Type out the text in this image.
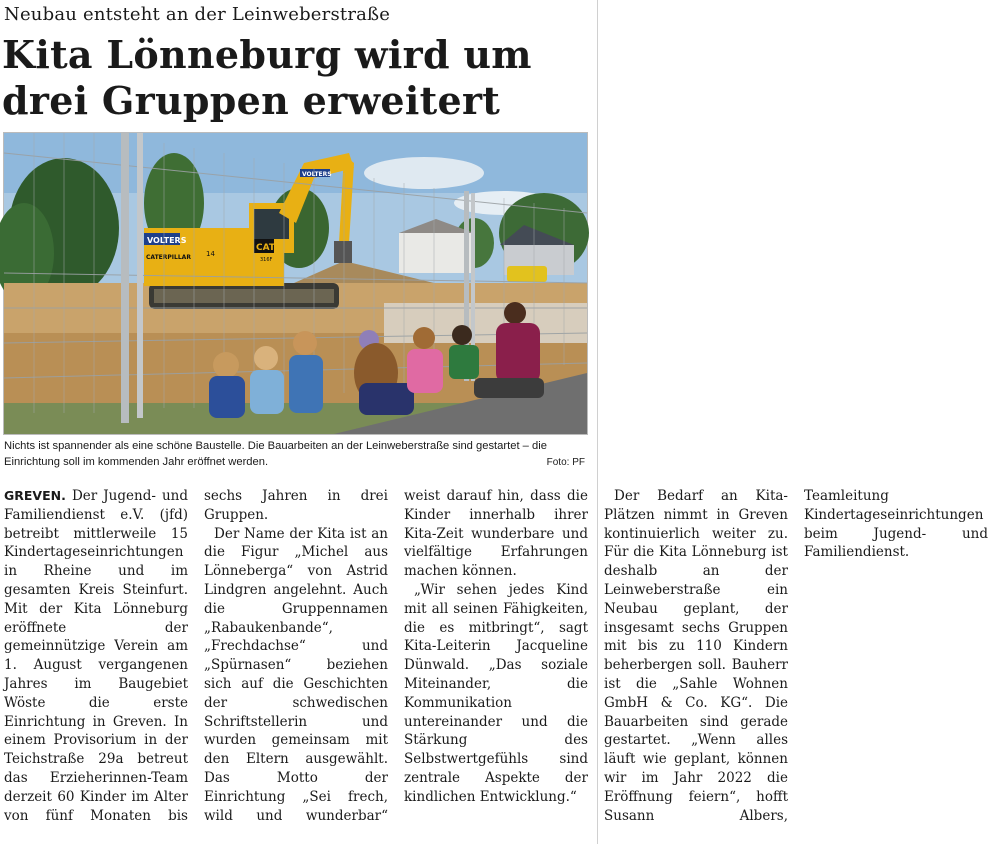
Neubau entsteht an der Leinweberstraße
Kita Lönneburg wird um drei Gruppen erweitert
VOLTERS
VOLTERS
CAT
316F
14
CATERPILLAR
Nichts ist spannender als eine schöne Baustelle. Die Bauarbeiten an der Leinweberstraße sind gestartet – die Einrichtung soll im kommenden Jahr eröffnet werden.	Foto: PF

GREVEN. Der Jugend- und Familiendienst e.V. (jfd) betreibt mittlerweile 15 Kindertageseinrichtungen in Rheine und im gesamten Kreis Steinfurt. Mit der Kita Lönneburg eröffnete der gemeinnützige Verein am 1. August vergangenen Jahres im Baugebiet Wöste die erste Einrichtung in Greven. In einem Provisorium in der Teichstraße 29a betreut das Erzieherinnen-Team derzeit 60 Kinder im Alter von fünf Monaten bis sechs Jahren in drei Gruppen.

Der Name der Kita ist an die Figur „Michel aus Lönneberga“ von Astrid Lindgren angelehnt. Auch die Gruppennamen „Rabaukenbande“, „Frechdachse“ und „Spürnasen“ beziehen sich auf die Geschichten der schwedischen Schriftstellerin und wurden gemeinsam mit den Eltern ausgewählt. Das Motto der Einrichtung „Sei frech, wild und wunderbar“ weist darauf hin, dass die Kinder innerhalb ihrer Kita-Zeit wunderbare und vielfältige Erfahrungen machen können.

„Wir sehen jedes Kind mit all seinen Fähigkeiten, die es mitbringt“, sagt Kita-Leiterin Jacqueline Dünwald. „Das soziale Miteinander, die Kommunikation untereinander und die Stärkung des Selbstwertgefühls sind zentrale Aspekte der kindlichen Entwicklung.“

Der Bedarf an Kita-Plätzen nimmt in Greven kontinuierlich weiter zu. Für die Kita Lönneburg ist deshalb an der Leinweberstraße ein Neubau geplant, der insgesamt sechs Gruppen mit bis zu 110 Kindern beherbergen soll. Bauherr ist die „Sahle Wohnen GmbH & Co. KG“. Die Bauarbeiten sind gerade gestartet. „Wenn alles läuft wie geplant, können wir im Jahr 2022 die Eröffnung feiern“, hofft Susann Albers, Teamleitung Kindertageseinrichtungen beim Jugend- und Familiendienst.
